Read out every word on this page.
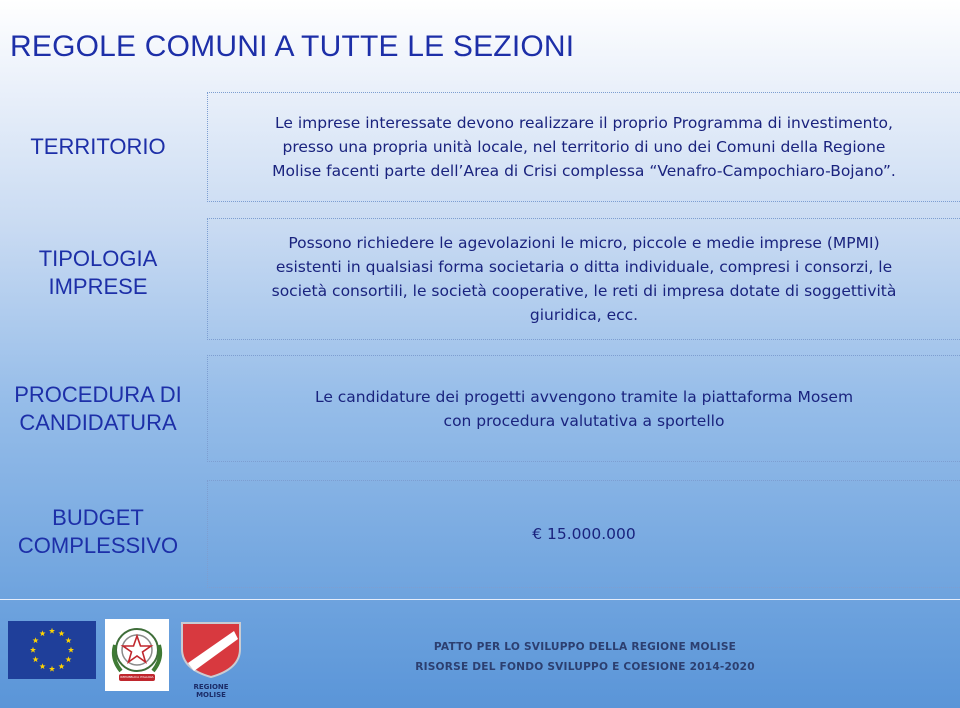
REGOLE COMUNI A TUTTE LE SEZIONI
TERRITORIO
Le imprese interessate devono realizzare il proprio Programma di investimento,
presso una propria unità locale, nel territorio di uno dei Comuni della Regione
Molise facenti parte dell’Area di Crisi complessa “Venafro-Campochiaro-Bojano”.
TIPOLOGIA
IMPRESE
Possono richiedere le agevolazioni le micro, piccole e medie imprese (MPMI)
esistenti in qualsiasi forma societaria o ditta individuale, compresi i consorzi, le
società consortili, le società cooperative, le reti di impresa dotate di soggettività
giuridica, ecc.
PROCEDURA DI
CANDIDATURA
Le candidature dei progetti avvengono tramite la piattaforma Mosem
con procedura valutativa a sportello
BUDGET
COMPLESSIVO	€ 15.000.000
REPUBBLICA ITALIANA
REGIONE MOLISE
PATTO PER LO SVILUPPO DELLA REGIONE MOLISE
RISORSE DEL FONDO SVILUPPO E COESIONE 2014-2020
